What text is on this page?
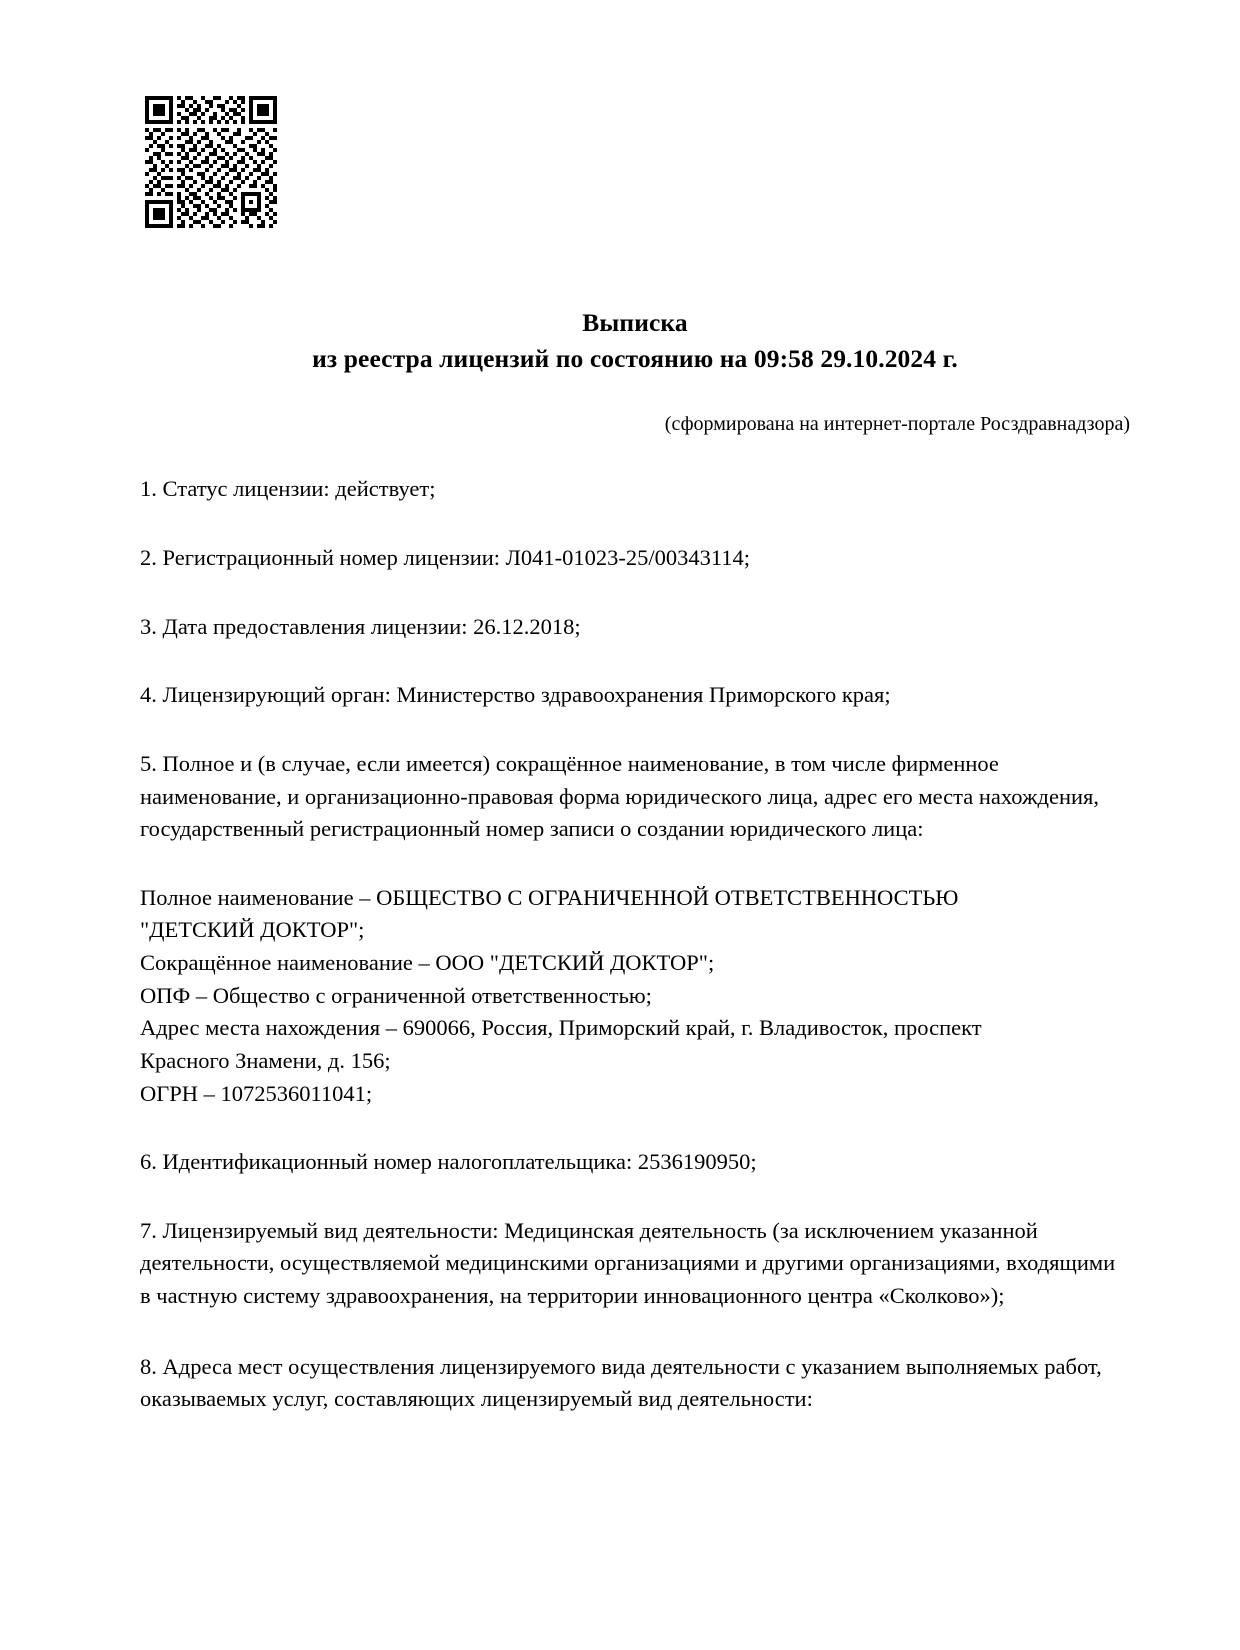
Выписка
из реестра лицензий по состоянию на 09:58 29.10.2024 г.
(сформирована на интернет-портале Росздравнадзора)

1. Статус лицензии: действует;

2. Регистрационный номер лицензии: Л041-01023-25/00343114;

3. Дата предоставления лицензии: 26.12.2018;

4. Лицензирующий орган: Министерство здравоохранения Приморского края;

5. Полное и (в случае, если имеется) сокращённое наименование, в том числе фирменное наименование, и организационно-правовая форма юридического лица, адрес его места нахождения, государственный регистрационный номер записи о создании юридического лица:

Полное наименование – ОБЩЕСТВО С ОГРАНИЧЕННОЙ ОТВЕТСТВЕННОСТЬЮ
"ДЕТСКИЙ ДОКТОР";
Сокращённое наименование – ООО "ДЕТСКИЙ ДОКТОР";
ОПФ – Общество с ограниченной ответственностью;
Адрес места нахождения – 690066, Россия, Приморский край, г. Владивосток, проспект
Красного Знамени, д. 156;
ОГРН – 1072536011041;

6. Идентификационный номер налогоплательщика: 2536190950;

7. Лицензируемый вид деятельности: Медицинская деятельность (за исключением указанной деятельности, осуществляемой медицинскими организациями и другими организациями, входящими в частную систему здравоохранения, на территории инновационного центра «Сколково»);

8. Адреса мест осуществления лицензируемого вида деятельности с указанием выполняемых работ, оказываемых услуг, составляющих лицензируемый вид деятельности:
